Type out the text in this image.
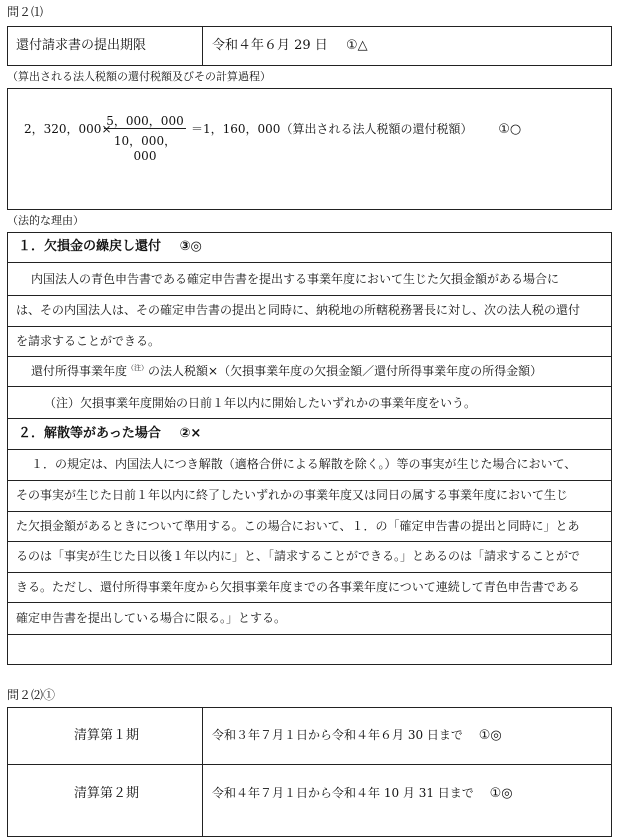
問２⑴
還付請求書の提出期限	令和４年６月 29 日 ①△
（算出される法人税額の還付税額及びその計算過程）
2，320，000×
5，000，000
10，000，000
＝1，160，000（算出される法人税額の還付税額） ①○
（法的な理由）
１．欠損金の繰戻し還付 ③◎
内国法人の青色申告書である確定申告書を提出する事業年度において生じた欠損金額がある場合に
は、その内国法人は、その確定申告書の提出と同時に、納税地の所轄税務署長に対し、次の法人税の還付
を請求することができる。
還付所得事業年度$^{(注)}$の法人税額×（欠損事業年度の欠損金額／還付所得事業年度の所得金額）
（注）欠損事業年度開始の日前１年以内に開始したいずれかの事業年度をいう。
２．解散等があった場合 ②×
１．の規定は、内国法人につき解散（適格合併による解散を除く。）等の事実が生じた場合において、
その事実が生じた日前１年以内に終了したいずれかの事業年度又は同日の属する事業年度において生じ
た欠損金額があるときについて準用する。この場合において、１．の「確定申告書の提出と同時に」とあ
るのは「事実が生じた日以後１年以内に」と、「請求することができる。」とあるのは「請求することがで
きる。ただし、還付所得事業年度から欠損事業年度までの各事業年度について連続して青色申告書である
確定申告書を提出している場合に限る。」とする。
問２⑵①
清算第１期	令和３年７月１日から令和４年６月 30 日まで ①◎
清算第２期	令和４年７月１日から令和４年 10 月 31 日まで ①◎
